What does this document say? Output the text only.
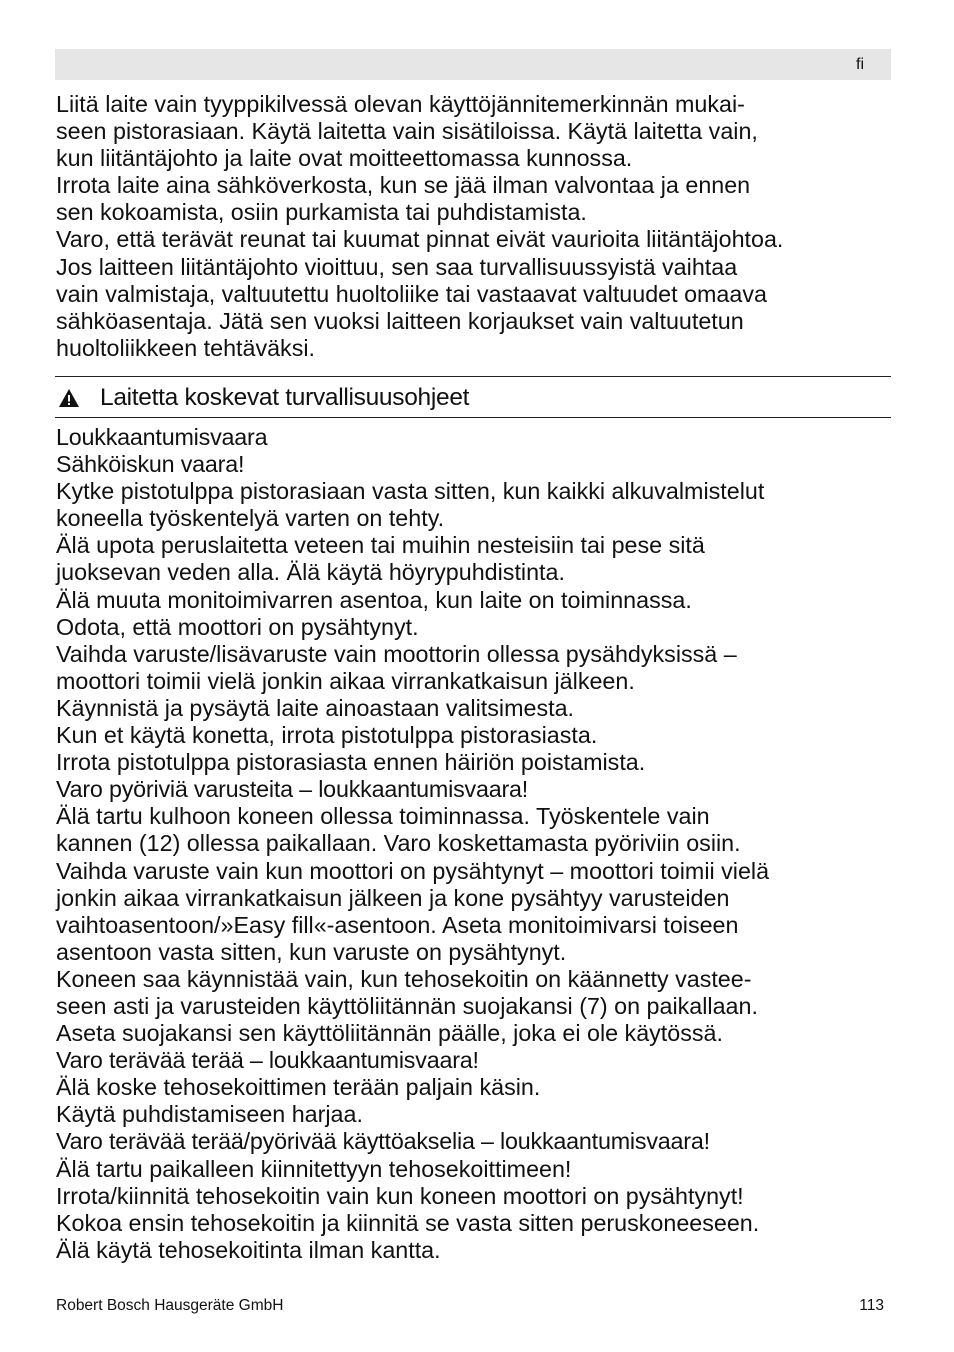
fi

Liitä laite vain tyyppikilvessä olevan käyttöjännitemerkinnän mukai-

seen pistorasiaan. Käytä laitetta vain sisätiloissa. Käytä laitetta vain,

kun liitäntäjohto ja laite ovat moitteettomassa kunnossa.

Irrota laite aina sähköverkosta, kun se jää ilman valvontaa ja ennen

sen kokoamista, osiin purkamista tai puhdistamista.

Varo, että terävät reunat tai kuumat pinnat eivät vaurioita liitäntäjohtoa.

Jos laitteen liitäntäjohto vioittuu, sen saa turvallisuussyistä vaihtaa

vain valmistaja, valtuutettu huoltoliike tai vastaavat valtuudet omaava

sähköasentaja. Jätä sen vuoksi laitteen korjaukset vain valtuutetun

huoltoliikkeen tehtäväksi.

Laitetta koskevat turvallisuusohjeet

Loukkaantumisvaara

Sähköiskun vaara!

Kytke pistotulppa pistorasiaan vasta sitten, kun kaikki alkuvalmistelut

koneella työskentelyä varten on tehty.

Älä upota peruslaitetta veteen tai muihin nesteisiin tai pese sitä

juoksevan veden alla. Älä käytä höyrypuhdistinta.

Älä muuta monitoimivarren asentoa, kun laite on toiminnassa.

Odota, että moottori on pysähtynyt.

Vaihda varuste/lisävaruste vain moottorin ollessa pysähdyksissä –

moottori toimii vielä jonkin aikaa virrankatkaisun jälkeen.

Käynnistä ja pysäytä laite ainoastaan valitsimesta.

Kun et käytä konetta, irrota pistotulppa pistorasiasta.

Irrota pistotulppa pistorasiasta ennen häiriön poistamista.

Varo pyöriviä varusteita – loukkaantumisvaara!

Älä tartu kulhoon koneen ollessa toiminnassa. Työskentele vain

kannen (12) ollessa paikallaan. Varo koskettamasta pyöriviin osiin.

Vaihda varuste vain kun moottori on pysähtynyt – moottori toimii vielä

jonkin aikaa virrankatkaisun jälkeen ja kone pysähtyy varusteiden

vaihtoasentoon/»Easy fill«-asentoon. Aseta monitoimivarsi toiseen

asentoon vasta sitten, kun varuste on pysähtynyt.

Koneen saa käynnistää vain, kun tehosekoitin on käännetty vastee-

seen asti ja varusteiden käyttöliitännän suojakansi (7) on paikallaan.

Aseta suojakansi sen käyttöliitännän päälle, joka ei ole käytössä.

Varo terävää terää – loukkaantumisvaara!

Älä koske tehosekoittimen terään paljain käsin.

Käytä puhdistamiseen harjaa.

Varo terävää terää/pyörivää käyttöakselia – loukkaantumisvaara!

Älä tartu paikalleen kiinnitettyyn tehosekoittimeen!

Irrota/kiinnitä tehosekoitin vain kun koneen moottori on pysähtynyt!

Kokoa ensin tehosekoitin ja kiinnitä se vasta sitten peruskoneeseen.

Älä käytä tehosekoitinta ilman kantta.

Robert Bosch Hausgeräte GmbH	113
